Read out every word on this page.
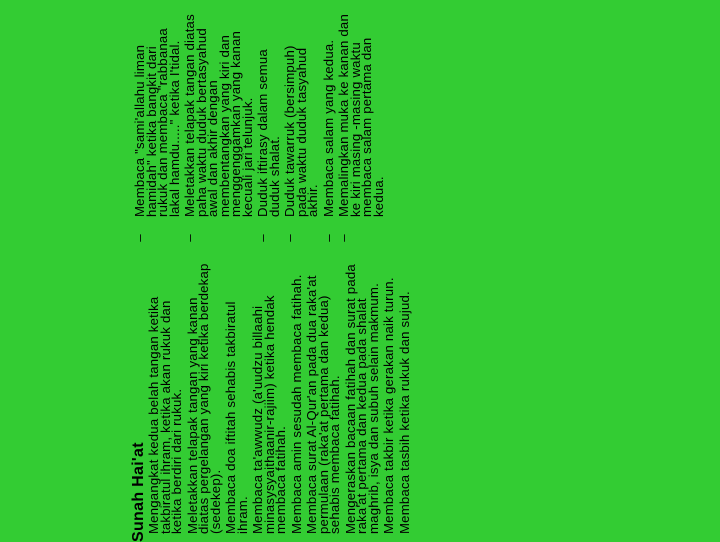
Sunah Hai'at Mengangkat kedua belah tangan ketika takbiratul ihram, ketika akan rukuk dan ketika berdiri dari rukuk. Meletakkan telapak tangan yang kanan diatas pergelangan yang kiri ketika berdekap (sedekep). Membaca doa iftitah sehabis takbiratul ihram. Membaca ta'awwudz (a'uudzu billaahi minasysyaithaanir-rajiim) ketika hendak membaca fatihah. Membaca amin sesudah membaca fatihah. Membaca surat Al-Qur'an pada dua raka'at permulaan (raka'at pertama dan kedua) sehabis membaca fatihah. Mengeraskan bacaan fatihah dan surat pada raka'at pertama dan kedua pada shalat maghrib, isya dan subuh selain makmum. Membaca takbir ketika gerakan naik turun. Membaca tasbih ketika rukuk dan sujud.
–
Membaca "sami'allahu liman hamidah" ketika bangkit dari rukuk dan membaca "rabbanaa lakal hamdu....." ketika I'tidal.
–
Meletakkan telapak tangan diatas paha waktu duduk bertasyahud awal dan akhir dengan membentangkan yang kiri dan menggenggamkan yang kanan kecuali jari telunjuk.
–
Duduk iftirasy dalam semua duduk shalat.
–
Duduk tawarruk (bersimpuh) pada waktu duduk tasyahud akhir.
–
Membaca salam yang kedua.
–
Memalingkan muka ke kanan dan ke kiri masing -masing waktu membaca salam pertama dan kedua.
